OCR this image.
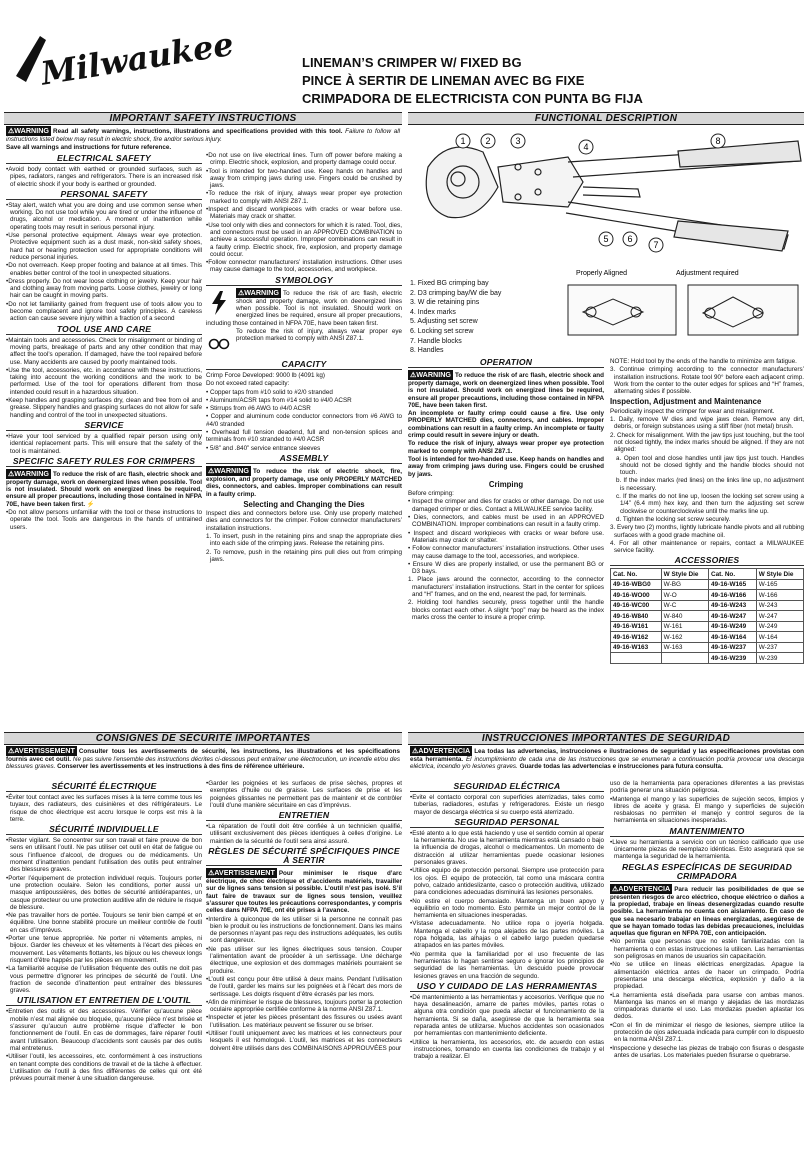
Milwaukee	LINEMAN’S CRIMPER W/ FIXED BG
PINCE À SERTIR DE LINEMAN AVEC BG FIXE
CRIMPADORA DE ELECTRICISTA CON PUNTA BG FIJA
IMPORTANT SAFETY INSTRUCTIONS	FUNCTIONAL DESCRIPTION

⚠WARNING Read all safety warnings, instructions, illustrations and specifications provided with this tool. Failure to follow all instructions listed below may result in electric shock, fire and/or serious injury.

Save all warnings and instructions for future reference.

ELECTRICAL SAFETY

•Avoid body contact with earthed or grounded surfaces, such as pipes, radiators, ranges and refrigerators. There is an increased risk of electric shock if your body is earthed or grounded.

PERSONAL SAFETY

•Stay alert, watch what you are doing and use common sense when working. Do not use tool while you are tired or under the influence of drugs, alcohol or medication. A moment of inattention while operating tools may result in serious personal injury.

•Use personal protective equipment. Always wear eye protection. Protective equipment such as a dust mask, non-skid safety shoes, hard hat or hearing protection used for appropriate conditions will reduce personal injuries.

•Do not overreach. Keep proper footing and balance at all times. This enables better control of the tool in unexpected situations.

•Dress properly. Do not wear loose clothing or jewelry. Keep your hair and clothing away from moving parts. Loose clothes, jewelry or long hair can be caught in moving parts.

•Do not let familiarity gained from frequent use of tools allow you to become complacent and ignore tool safety principles. A careless action can cause severe injury within a fraction of a second

TOOL USE AND CARE

•Maintain tools and accessories. Check for misalignment or binding of moving parts, breakage of parts and any other condition that may affect the tool’s operation. If damaged, have the tool repaired before use. Many accidents are caused by poorly maintained tools.

•Use the tool, accessories, etc. in accordance with these instructions, taking into account the working conditions and the work to be performed. Use of the tool for operations different from those intended could result in a hazardous situation.

•Keep handles and grasping surfaces dry, clean and free from oil and grease. Slippery handles and grasping surfaces do not allow for safe handling and control of the tool in unexpected situations.

SERVICE

•Have your tool serviced by a qualified repair person using only identical replacement parts. This will ensure that the safety of the tool is maintained.

SPECIFIC SAFETY RULES FOR CRIMPERS

⚠WARNING To reduce the risk of arc flash, electric shock and property damage, work on deenergized lines when possible. Tool is not insulated. Should work on energized lines be required, ensure all proper precautions, including those contained in NFPA 70E, have been taken first. ⚡

•Do not allow persons unfamiliar with the tool or these instructions to operate the tool. Tools are dangerous in the hands of untrained users.

•Do not use on live electrical lines. Turn off power before making a crimp. Electric shock, explosion, and property damage could occur.

•Tool is intended for two-handed use. Keep hands on handles and away from crimping jaws during use. Fingers could be crushed by jaws.

•To reduce the risk of injury, always wear proper eye protection marked to comply with ANSI Z87.1.

•Inspect and discard workpieces with cracks or wear before use. Materials may crack or shatter.

•Use tool only with dies and connectors for which it is rated. Tool, dies, and connectors must be used in an APPROVED COMBINATION to achieve a successful operation. Improper combinations can result in a faulty crimp. Electric shock, fire, explosion, and property damage could occur.

•Follow connector manufacturers’ installation instructions. Other uses may cause damage to the tool, accessories, and workpiece.

SYMBOLOGY

⚠WARNING To reduce the risk of arc flash, electric shock and property damage, work on deenergized lines when possible. Tool is not insulated. Should work on energized lines be required, ensure all proper precautions, including those contained in NFPA 70E, have been taken first.

To reduce the risk of injury, always wear proper eye protection marked to comply with ANSI Z87.1.

CAPACITY

Crimp Force Developed: 9000 lb (4091 kg)

Do not exceed rated capacity:

• Copper taps from #10 solid to #2/0 stranded

• Aluminum/ACSR taps from #14 solid to #4/0 ACSR

• Stirrups from #6 AWG to #4/0 ACSR

• Copper and aluminum code conductor connectors from #6 AWG to #4/0 stranded

• Overhead full tension deadend, full and non-tension splices and terminals from #10 stranded to #4/0 ACSR

• 5/8” and .840” service entrance sleeves

ASSEMBLY

⚠WARNING To reduce the risk of electric shock, fire, explosion, and property damage, use only PROPERLY MATCHED dies, connectors, and cables. Improper combinations can result in a faulty crimp.

Selecting and Changing the Dies

Inspect dies and connectors before use. Only use properly matched dies and connectors for the crimper. Follow connector manufacturers’ installation instructions.

1. To insert, push in the retaining pins and snap the appropriate dies into each side of the crimping jaws. Release the retaining pins.

2. To remove, push in the retaining pins pull dies out from crimping jaws.

1 2	3
4
5 6
7
8
Properly Aligned	Adjustment required

1. Fixed BG crimping bay

2. D3 crimping bay/W die bay

3. W die retaining pins

4. Index marks

5. Adjusting set screw

6. Locking set screw

7. Handle blocks

8. Handles

OPERATION

⚠WARNING To reduce the risk of arc flash, electric shock and property damage, work on deenergized lines when possible. Tool is not insulated. Should work on energized lines be required, ensure all proper precautions, including those contained in NFPA 70E, have been taken first.

An incomplete or faulty crimp could cause a fire. Use only PROPERLY MATCHED dies, connectors, and cables. Improper combinations can result in a faulty crimp. An incomplete or faulty crimp could result in severe injury or death.

To reduce the risk of injury, always wear proper eye protection marked to comply with ANSI Z87.1.

Tool is intended for two-handed use. Keep hands on handles and away from crimping jaws during use. Fingers could be crushed by jaws.

Crimping

Before crimping:

• Inspect the crimper and dies for cracks or other damage. Do not use damaged crimper or dies. Contact a MILWAUKEE service facility.

• Dies, connectors, and cables must be used in an APPROVED COMBINATION. Improper combinations can result in a faulty crimp.

• Inspect and discard workpieces with cracks or wear before use. Materials may crack or shatter.

• Follow connector manufacturers’ installation instructions. Other uses may cause damage to the tool, accessories, and workpiece.

• Ensure W dies are properly installed, or use the permanent BG or D3 bays.

1. Place jaws around the connector, according to the connector manufacturers’ installation instructions. Start in the center for splices and “H” frames, and on the end, nearest the pad, for terminals.

2. Holding tool handles securely, press together until the handle blocks contact each other. A slight “pop” may be heard as the index marks cross the center to insure a proper crimp.

NOTE: Hold tool by the ends of the handle to minimize arm fatigue.

3. Continue crimping according to the connector manufacturers’ installation instructions. Rotate tool 90° before each adjacent crimp. Work from the center to the outer edges for splices and “H” frames, alternating sides if possible.

Inspection, Adjustment and Maintenance

Periodically inspect the crimper for wear and misalignment.

1. Daily, remove W dies and wipe jaws clean. Remove any dirt, debris, or foreign substances using a stiff fiber (not metal) brush.

2. Check for misalignment. With the jaw tips just touching, but the tool not closed tightly, the index marks should be aligned. If they are not aligned:

a. Open tool and close handles until jaw tips just touch. Handles should not be closed tightly and the handle blocks should not touch.

b. If the index marks (red lines) on the links line up, no adjustment is necessary.

c. If the marks do not line up, loosen the locking set screw using a 1/4” (6.4 mm) hex key, and then turn the adjusting set screw clockwise or counterclockwise until the marks line up.

d. Tighten the locking set screw securely.

3. Every two (2) months, lightly lubricate handle pivots and all rubbing surfaces with a good grade machine oil.

4. For all other maintenance or repairs, contact a MILWAUKEE service facility.

ACCESSORIES
Cat. No.	W Style Die	Cat. No.	W Style Die
49-16-WBG0	W-BG	49-16-W165	W-165
49-16-WO00	W-O	49-16-W166	W-166
49-16-WC00	W-C	49-16-W243	W-243
49-16-W840	W-840	49-16-W247	W-247
49-16-W161	W-161	49-16-W249	W-249
49-16-W162	W-162	49-16-W164	W-164
49-16-W163	W-163	49-16-W237	W-237
		49-16-W239	W-239
CONSIGNES DE SÉCURITÉ IMPORTANTES	INSTRUCCIONES IMPORTANTES DE SEGURIDAD

⚠AVERTISSEMENT Consulter tous les avertissements de sécurité, les instructions, les illustrations et les spécifications fournis avec cet outil. Ne pas suivre l’ensemble des instructions décrites ci-dessous peut entraîner une électrocution, un incendie et/ou des blessures graves. Conserver les avertissements et les instructions à des fins de référence ultérieure.

SÉCURITÉ ÉLECTRIQUE

•Éviter tout contact avec les surfaces mises à la terre comme tous les tuyaux, des radiateurs, des cuisinières et des réfrigérateurs. Le risque de choc électrique est accru lorsque le corps est mis à la terre.

SÉCURITÉ INDIVIDUELLE

•Rester vigilant. Se concentrer sur son travail et faire preuve de bon sens en utilisant l’outil. Ne pas utiliser cet outil en état de fatigue ou sous l’influence d’alcool, de drogues ou de médicaments. Un moment d’inattention pendant l’utilisation des outils peut entraîner des blessures graves.

•Porter l’équipement de protection individuel requis. Toujours porter une protection oculaire. Selon les conditions, porter aussi un masque antipoussières, des bottes de sécurité antidérapantes, un casque protecteur ou une protection auditive afin de réduire le risque de blessure.

•Ne pas travailler hors de portée. Toujours se tenir bien campé et en équilibre. Une bonne stabilité procure un meilleur contrôle de l’outil en cas d’imprévus.

•Porter une tenue appropriée. Ne porter ni vêtements amples, ni bijoux. Garder les cheveux et les vêtements à l’écart des pièces en mouvement. Les vêtements flottants, les bijoux ou les cheveux longs risquent d’être happés par les pièces en mouvement.

•La familiarité acquise de l’utilisation fréquente des outils ne doit pas vous permettre d’ignorer les principes de sécurité de l’outil. Une fraction de seconde d’inattention peut entraîner des blessures graves.

UTILISATION ET ENTRETIEN DE L’OUTIL

•Entretien des outils et des accessoires. Vérifier qu’aucune pièce mobile n’est mal alignée ou bloquée, qu’aucune pièce n’est brisée et s’assurer qu’aucun autre problème risque d’affecter le bon fonctionnement de l’outil. En cas de dommages, faire réparer l’outil avant l’utilisation. Beaucoup d’accidents sont causés par des outils mal entretenus.

•Utiliser l’outil, les accessoires, etc. conformément à ces instructions en tenant compte des conditions de travail et de la tâche à effectuer. L’utilisation de l’outil à des fins différentes de celles qui ont été prévues pourrait mener à une situation dangereuse.

•Garder les poignées et les surfaces de prise sèches, propres et exemptes d’huile ou de graisse. Les surfaces de prise et les poignées glissantes ne permettent pas de maintenir et de contrôler l’outil d’une manière sécuritaire en cas d’imprévus.

ENTRETIEN

•La réparation de l’outil doit être confiée à un technicien qualifié, utilisant exclusivement des pièces identiques à celles d’origine. Le maintien de la sécurité de l’outil sera ainsi assuré.

RÈGLES DE SÉCURITÉ SPÉCIFIQUES PINCE À SERTIR

⚠AVERTISSEMENT Pour minimiser le risque d’arc électrique, de choc électrique et d’accidents matériels, travailler sur de lignes sans tension si possible. L’outil n’est pas isolé. S’il faut faire de travaux sur de lignes sous tension, veuillez s’assurer que toutes les précautions correspondantes, y compris celles dans NFPA 70E, ont été prises à l’avance.

•Interdire à quiconque de les utiliser si la personne ne connaît pas bien le produit ou les instructions de fonctionnement. Dans les mains de personnes n’ayant pas reçu des instructions adéquates, les outils sont dangereux.

•Ne pas utiliser sur les lignes électriques sous tension. Couper l’alimentation avant de procéder à un sertissage. Une décharge électrique, une explosion et des dommages matériels pourraient se produire.

•L’outil est conçu pour être utilisé à deux mains. Pendant l’utilisation de l’outil, garder les mains sur les poignées et à l’écart des mors de sertissage. Les doigts risquent d’être écrasés par les mors.

•Afin de minimiser le risque de blessures, toujours porter la protection oculaire appropriée certifiée conforme à la norme ANSI Z87.1.

•Inspecter et jeter les pièces présentant des fissures ou usées avant l’utilisation. Les matériaux peuvent se fissurer ou se briser.

•Utiliser l’outil uniquement avec les matrices et les connecteurs pour lesquels il est homologué. L’outil, les matrices et les connecteurs doivent être utilisés dans des COMBINAISONS APPROUVÉES pour

⚠ADVERTENCIA Lea todas las advertencias, instrucciones e ilustraciones de seguridad y las especificaciones provistas con esta herramienta. El incumplimiento de cada una de las instrucciones que se enumeran a continuación podría provocar una descarga eléctrica, incendio y/o lesiones graves. Guarde todas las advertencias e instrucciones para futura consulta.

SEGURIDAD ELÉCTRICA

•Evite el contacto corporal con superficies aterrizadas, tales como tuberías, radiadores, estufas y refrigeradores. Existe un riesgo mayor de descarga eléctrica si su cuerpo está aterrizado.

SEGURIDAD PERSONAL

•Esté atento a lo que está haciendo y use el sentido común al operar la herramienta. No use la herramienta mientras está cansado o bajo la influencia de drogas, alcohol o medicamentos. Un momento de distracción al utilizar herramientas puede ocasionar lesiones personales graves.

•Utilice equipo de protección personal. Siempre use protección para los ojos. El equipo de protección, tal como una máscara contra polvo, calzado antideslizante, casco o protección auditiva, utilizado para condiciones adecuadas disminuirá las lesiones personales.

•No estire el cuerpo demasiado. Mantenga un buen apoyo y equilibrio en todo momento. Esto permite un mejor control de la herramienta en situaciones inesperadas.

•Vístase adecuadamente. No utilice ropa o joyería holgada. Mantenga el cabello y la ropa alejados de las partes móviles. La ropa holgada, las alhajas o el cabello largo pueden quedarse atrapados en las partes móviles.

•No permita que la familiaridad por el uso frecuente de las herramientas lo hagan sentirse seguro e ignorar los principios de seguridad de las herramientas. Un descuido puede provocar lesiones graves en una fracción de segundo.

USO Y CUIDADO DE LAS HERRAMIENTAS

•Dé mantenimiento a las herramientas y accesorios. Verifique que no haya desalineación, amarre de partes móviles, partes rotas o alguna otra condición que pueda afectar el funcionamiento de la herramienta. Si se daña, asegúrese de que la herramienta sea reparada antes de utilizarse. Muchos accidentes son ocasionados por herramientas con mantenimiento deficiente.

•Utilice la herramienta, los accesorios, etc. de acuerdo con estas instrucciones, tomando en cuenta las condiciones de trabajo y el trabajo a realizar. El

uso de la herramienta para operaciones diferentes a las previstas podría generar una situación peligrosa.

•Mantenga el mango y las superficies de sujeción secos, limpios y libres de aceite y grasa. El mango y superficies de sujeción resbalosas no permiten el manejo y control seguros de la herramienta en situaciones inesperadas.

MANTENIMIENTO

•Lleve su herramienta a servicio con un técnico calificado que use únicamente piezas de reemplazo idénticas. Esto asegurará que se mantenga la seguridad de la herramienta.

REGLAS ESPECÍFICAS DE SEGURIDAD CRIMPADORA

⚠ADVERTENCIA Para reducir las posibilidades de que se presenten riesgos de arco eléctrico, choque eléctrico o daños a la propiedad, trabaje en líneas desenergizadas cuando resulte posible. La herramienta no cuenta con aislamiento. En caso de que sea necesario trabajar en líneas energizadas, asegúrese de que se hayan tomado todas las debidas precauciones, incluidas aquellas que figuran en NFPA 70E, con anticipación.

•No permita que personas que no estén familiarizadas con la herramienta o con estas instrucciones la utilicen. Las herramientas son peligrosas en manos de usuarios sin capacitación.

•No se utilice en líneas eléctricas energizadas. Apague la alimentación eléctrica antes de hacer un crimpado. Podría presentarse una descarga eléctrica, explosión y daño a la propiedad.

•La herramienta está diseñada para usarse con ambas manos. Mantenga las manos en el mango y alejadas de las mordazas crimpadoras durante el uso. Las mordazas pueden aplastar los dedos.

•Con el fin de minimizar el riesgo de lesiones, siempre utilice la protección de ojos adecuada indicada para cumplir con lo dispuesto en la norma ANSI Z87.1.

•Inspeccione y deseche las piezas de trabajo con fisuras o desgaste antes de usarlas. Los materiales pueden fisurarse o quebrarse.
